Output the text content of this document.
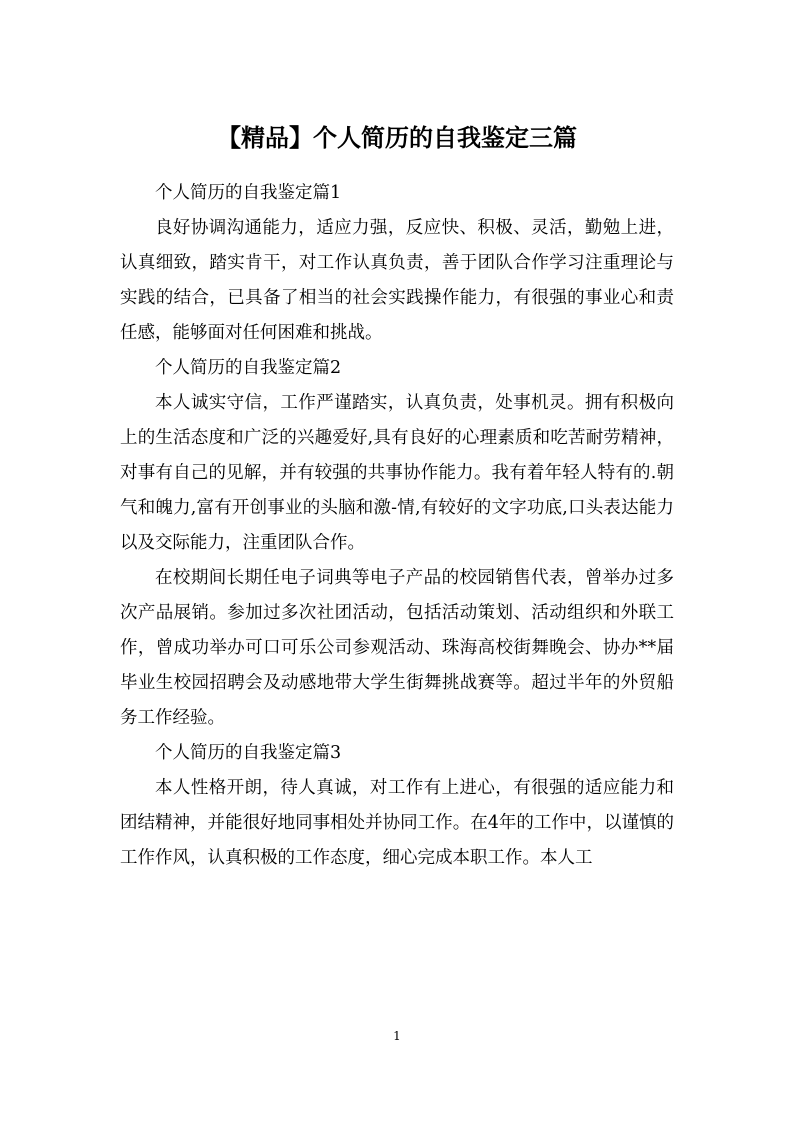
【精品】个人简历的自我鉴定三篇

个人简历的自我鉴定篇1

良好协调沟通能力，适应力强，反应快、积极、灵活，勤勉上进，认真细致，踏实肯干，对工作认真负责，善于团队合作学习注重理论与实践的结合，已具备了相当的社会实践操作能力，有很强的事业心和责任感，能够面对任何困难和挑战。

个人简历的自我鉴定篇2

本人诚实守信，工作严谨踏实，认真负责，处事机灵。拥有积极向上的生活态度和广泛的兴趣爱好,具有良好的心理素质和吃苦耐劳精神，对事有自己的见解，并有较强的共事协作能力。我有着年轻人特有的.朝气和魄力,富有开创事业的头脑和激-情,有较好的文字功底,口头表达能力以及交际能力，注重团队合作。

在校期间长期任电子词典等电子产品的校园销售代表，曾举办过多次产品展销。参加过多次社团活动，包括活动策划、活动组织和外联工作，曾成功举办可口可乐公司参观活动、珠海高校街舞晚会、协办**届毕业生校园招聘会及动感地带大学生街舞挑战赛等。超过半年的外贸船务工作经验。

个人简历的自我鉴定篇3

本人性格开朗，待人真诚，对工作有上进心，有很强的适应能力和团结精神，并能很好地同事相处并协同工作。在4年的工作中，以谨慎的工作作风，认真积极的工作态度，细心完成本职工作。本人工

1
